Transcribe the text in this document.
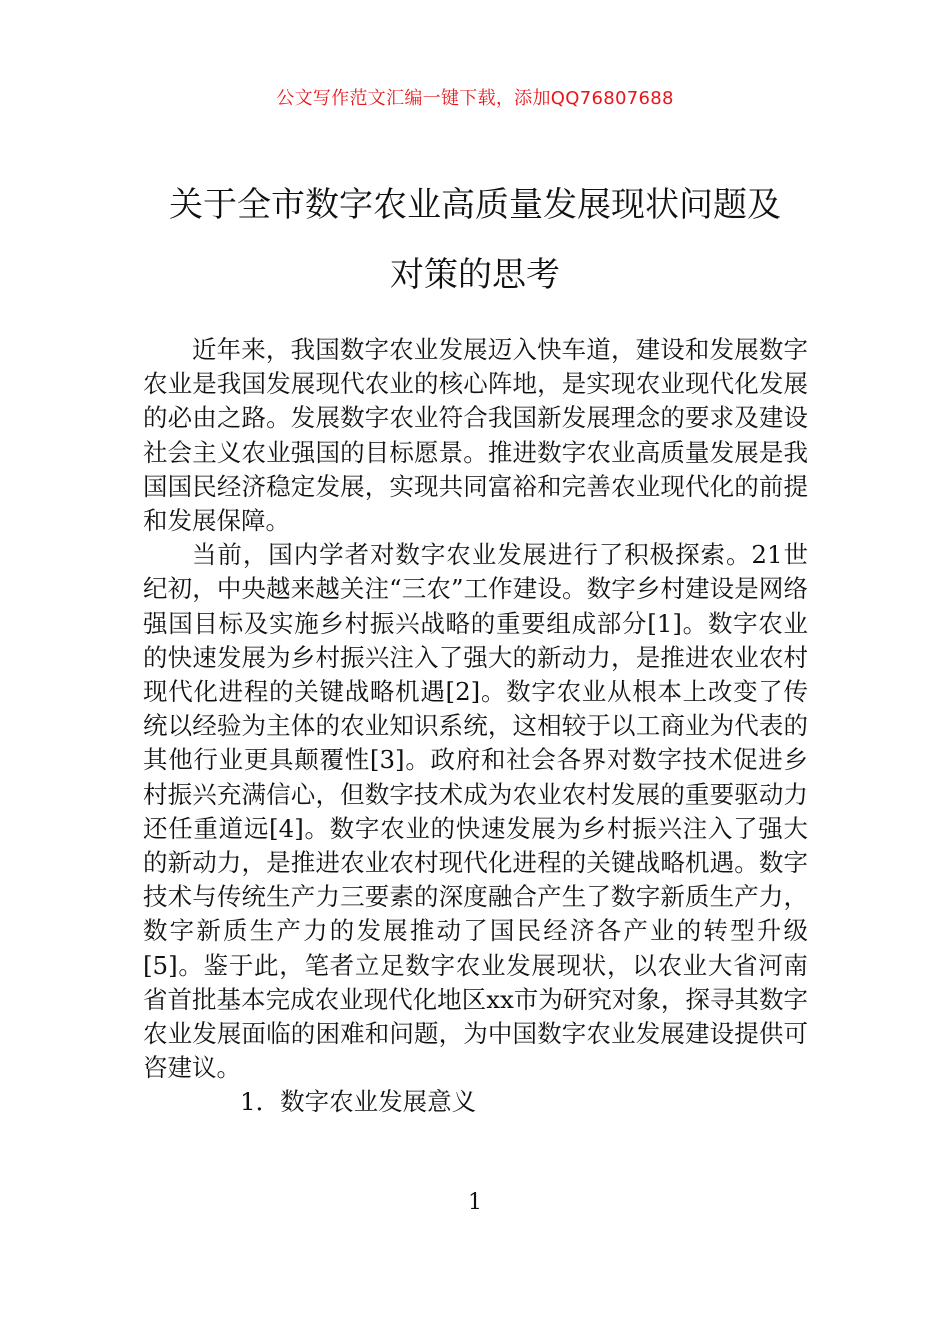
公文写作范文汇编一键下载，添加QQ76807688
关于全市数字农业高质量发展现状问题及
对策的思考

近年来，我国数字农业发展迈入快车道，建设和发展数字农业是我国发展现代农业的核心阵地，是实现农业现代化发展的必由之路。发展数字农业符合我国新发展理念的要求及建设社会主义农业强国的目标愿景。推进数字农业高质量发展是我国国民经济稳定发展，实现共同富裕和完善农业现代化的前提和发展保障。

当前，国内学者对数字农业发展进行了积极探索。21世纪初，中央越来越关注“三农”工作建设。数字乡村建设是网络强国目标及实施乡村振兴战略的重要组成部分[1]。数字农业的快速发展为乡村振兴注入了强大的新动力，是推进农业农村现代化进程的关键战略机遇[2]。数字农业从根本上改变了传统以经验为主体的农业知识系统，这相较于以工商业为代表的其他行业更具颠覆性[3]。政府和社会各界对数字技术促进乡村振兴充满信心，但数字技术成为农业农村发展的重要驱动力还任重道远[4]。数字农业的快速发展为乡村振兴注入了强大的新动力，是推进农业农村现代化进程的关键战略机遇。数字技术与传统生产力三要素的深度融合产生了数字新质生产力，数字新质生产力的发展推动了国民经济各产业的转型升级[5]。鉴于此，笔者立足数字农业发展现状，以农业大省河南省首批基本完成农业现代化地区xx市为研究对象，探寻其数字农业发展面临的困难和问题，为中国数字农业发展建设提供可咨建议。

1．数字农业发展意义

1
